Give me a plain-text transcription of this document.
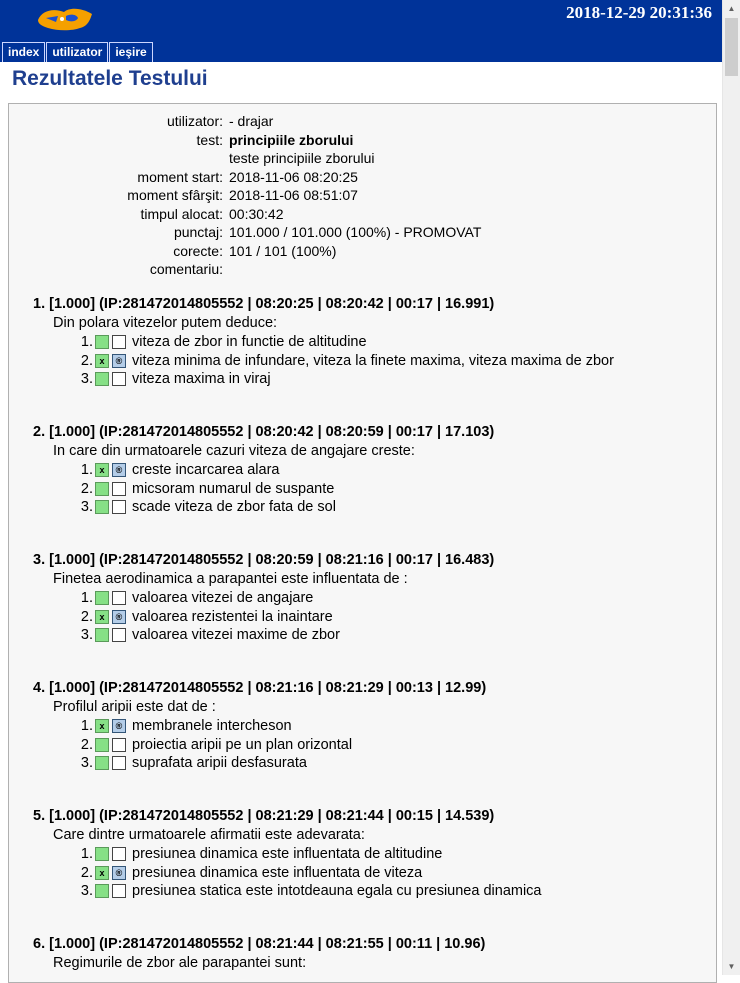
2018-12-29 20:31:36
index	utilizator	ieşire
▲
▼
Rezultatele Testului
utilizator: - drajar
test: principiile zborului
teste principiile zborului
moment start: 2018-11-06 08:20:25
moment sfârşit: 2018-11-06 08:51:07
timpul alocat: 00:30:42
punctaj: 101.000 / 101.000 (100%) - PROMOVAT
corecte: 101 / 101 (100%)
comentariu:
1. [1.000] (IP:281472014805552 | 08:20:25 | 08:20:42 | 00:17 | 16.991)
Din polara vitezelor putem deduce:
1.	viteza de zbor in functie de altitudine
2. x	® viteza minima de infundare, viteza la finete maxima, viteza maxima de zbor
3.	viteza maxima in viraj
2. [1.000] (IP:281472014805552 | 08:20:42 | 08:20:59 | 00:17 | 17.103)
In care din urmatoarele cazuri viteza de angajare creste:
1. x	® creste incarcarea alara
2.	micsoram numarul de suspante
3.	scade viteza de zbor fata de sol
3. [1.000] (IP:281472014805552 | 08:20:59 | 08:21:16 | 00:17 | 16.483)
Finetea aerodinamica a parapantei este influentata de :
1.	valoarea vitezei de angajare
2. x	® valoarea rezistentei la inaintare
3.	valoarea vitezei maxime de zbor
4. [1.000] (IP:281472014805552 | 08:21:16 | 08:21:29 | 00:13 | 12.99)
Profilul aripii este dat de :
1. x	® membranele intercheson
2.	proiectia aripii pe un plan orizontal
3.	suprafata aripii desfasurata
5. [1.000] (IP:281472014805552 | 08:21:29 | 08:21:44 | 00:15 | 14.539)
Care dintre urmatoarele afirmatii este adevarata:
1.	presiunea dinamica este influentata de altitudine
2. x	® presiunea dinamica este influentata de viteza
3.	presiunea statica este intotdeauna egala cu presiunea dinamica
6. [1.000] (IP:281472014805552 | 08:21:44 | 08:21:55 | 00:11 | 10.96)
Regimurile de zbor ale parapantei sunt:
